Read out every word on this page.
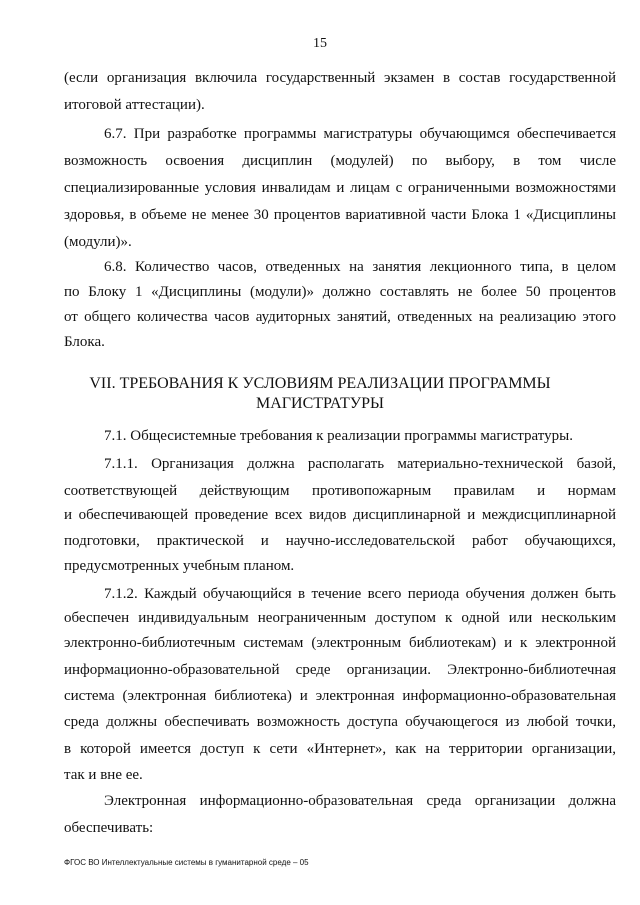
15
(если организация включила государственный экзамен в состав государственной
итоговой аттестации).
6.7. При разработке программы магистратуры обучающимся обеспечивается
возможность освоения дисциплин (модулей) по выбору, в том числе
специализированные условия инвалидам и лицам с ограниченными возможностями
здоровья, в объеме не менее 30 процентов вариативной части Блока 1 «Дисциплины
(модули)».
6.8. Количество часов, отведенных на занятия лекционного типа, в целом
по Блоку 1 «Дисциплины (модули)» должно составлять не более 50 процентов
от общего количества часов аудиторных занятий, отведенных на реализацию этого
Блока.
VII. ТРЕБОВАНИЯ К УСЛОВИЯМ РЕАЛИЗАЦИИ ПРОГРАММЫ
МАГИСТРАТУРЫ
7.1. Общесистемные требования к реализации программы магистратуры.
7.1.1. Организация должна располагать материально-технической базой,
соответствующей действующим противопожарным правилам и нормам
и обеспечивающей проведение всех видов дисциплинарной и междисциплинарной
подготовки, практической и научно-исследовательской работ обучающихся,
предусмотренных учебным планом.
7.1.2. Каждый обучающийся в течение всего периода обучения должен быть
обеспечен индивидуальным неограниченным доступом к одной или нескольким
электронно-библиотечным системам (электронным библиотекам) и к электронной
информационно-образовательной среде организации. Электронно-библиотечная
система (электронная библиотека) и электронная информационно-образовательная
среда должны обеспечивать возможность доступа обучающегося из любой точки,
в которой имеется доступ к сети «Интернет», как на территории организации,
так и вне ее.
Электронная информационно-образовательная среда организации должна
обеспечивать:
ФГОС ВО Интеллектуальные системы в гуманитарной среде – 05
